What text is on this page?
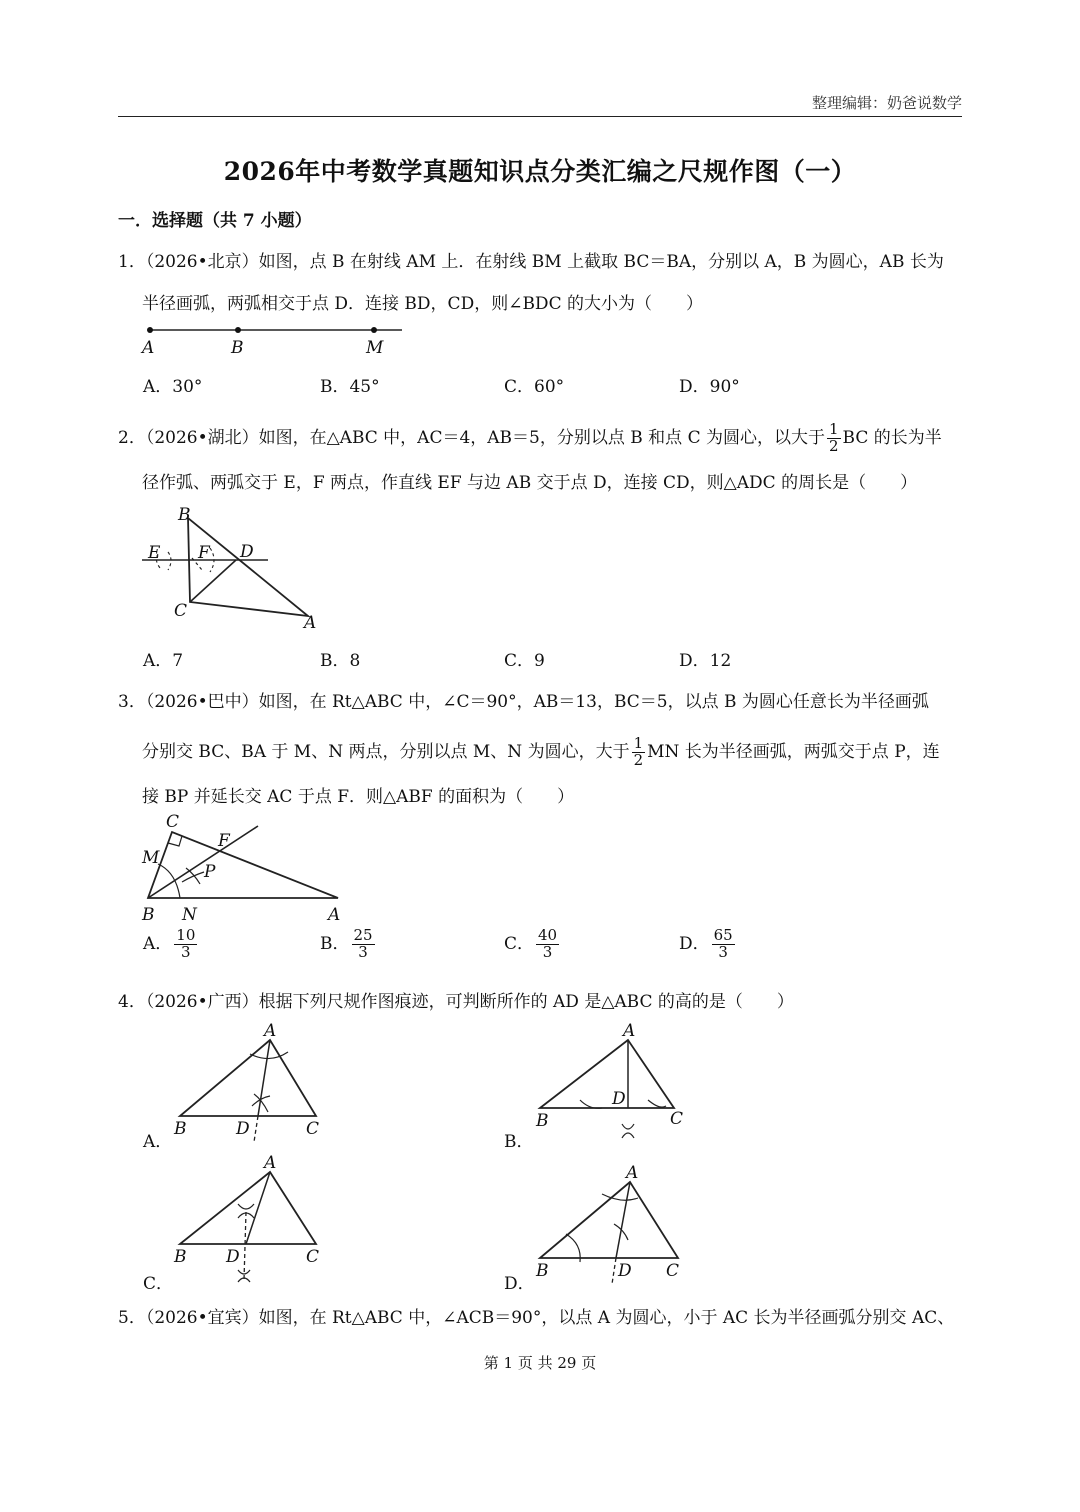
整理编辑：奶爸说数学
2026年中考数学真题知识点分类汇编之尺规作图（一）
一．选择题（共 7 小题）
1．（2026•北京）如图，点 B 在射线 AM 上．在射线 BM 上截取 BC＝BA，分别以 A，B 为圆心，AB 长为
半径画弧，两弧相交于点 D．连接 BD，CD，则∠BDC 的大小为（　　）
A	B	M
A．30°	B．45°	C．60°	D．90°
2．（2026•湖北）如图，在△ABC 中，AC＝4，AB＝5，分别以点 B 和点 C 为圆心，以大于 $\frac{1}{2}$ BC 的长为半
径作弧、两弧交于 E，F 两点，作直线 EF 与边 AB 交于点 D，连接 CD，则△ADC 的周长是（　　）
B
E F D
C
A
A．7	B．8	C．9	D．12
3．（2026•巴中）如图，在 Rt△ABC 中，∠C＝90°，AB＝13，BC＝5，以点 B 为圆心任意长为半径画弧
分别交 BC、BA 于 M、N 两点，分别以点 M、N 为圆心，大于 $\frac{1}{2}$ MN 长为半径画弧，两弧交于点 P，连
接 BP 并延长交 AC 于点 F．则△ABF 的面积为（　　）
C
F
M
P
B N	A
A． $\frac{10}{3}$	B． $\frac{25}{3}$	C． $\frac{40}{3}$	D． $\frac{65}{3}$
4．（2026•广西）根据下列尺规作图痕迹，可判断所作的 AD 是△ABC 的高的是（　　）
A
B	D	C
A．
A
B
D
C
B．
A
B D	C
C．
A
B	D C
D．
5．（2026•宜宾）如图，在 Rt△ABC 中，∠ACB＝90°，以点 A 为圆心，小于 AC 长为半径画弧分别交 AC、
第 1 页 共 29 页
